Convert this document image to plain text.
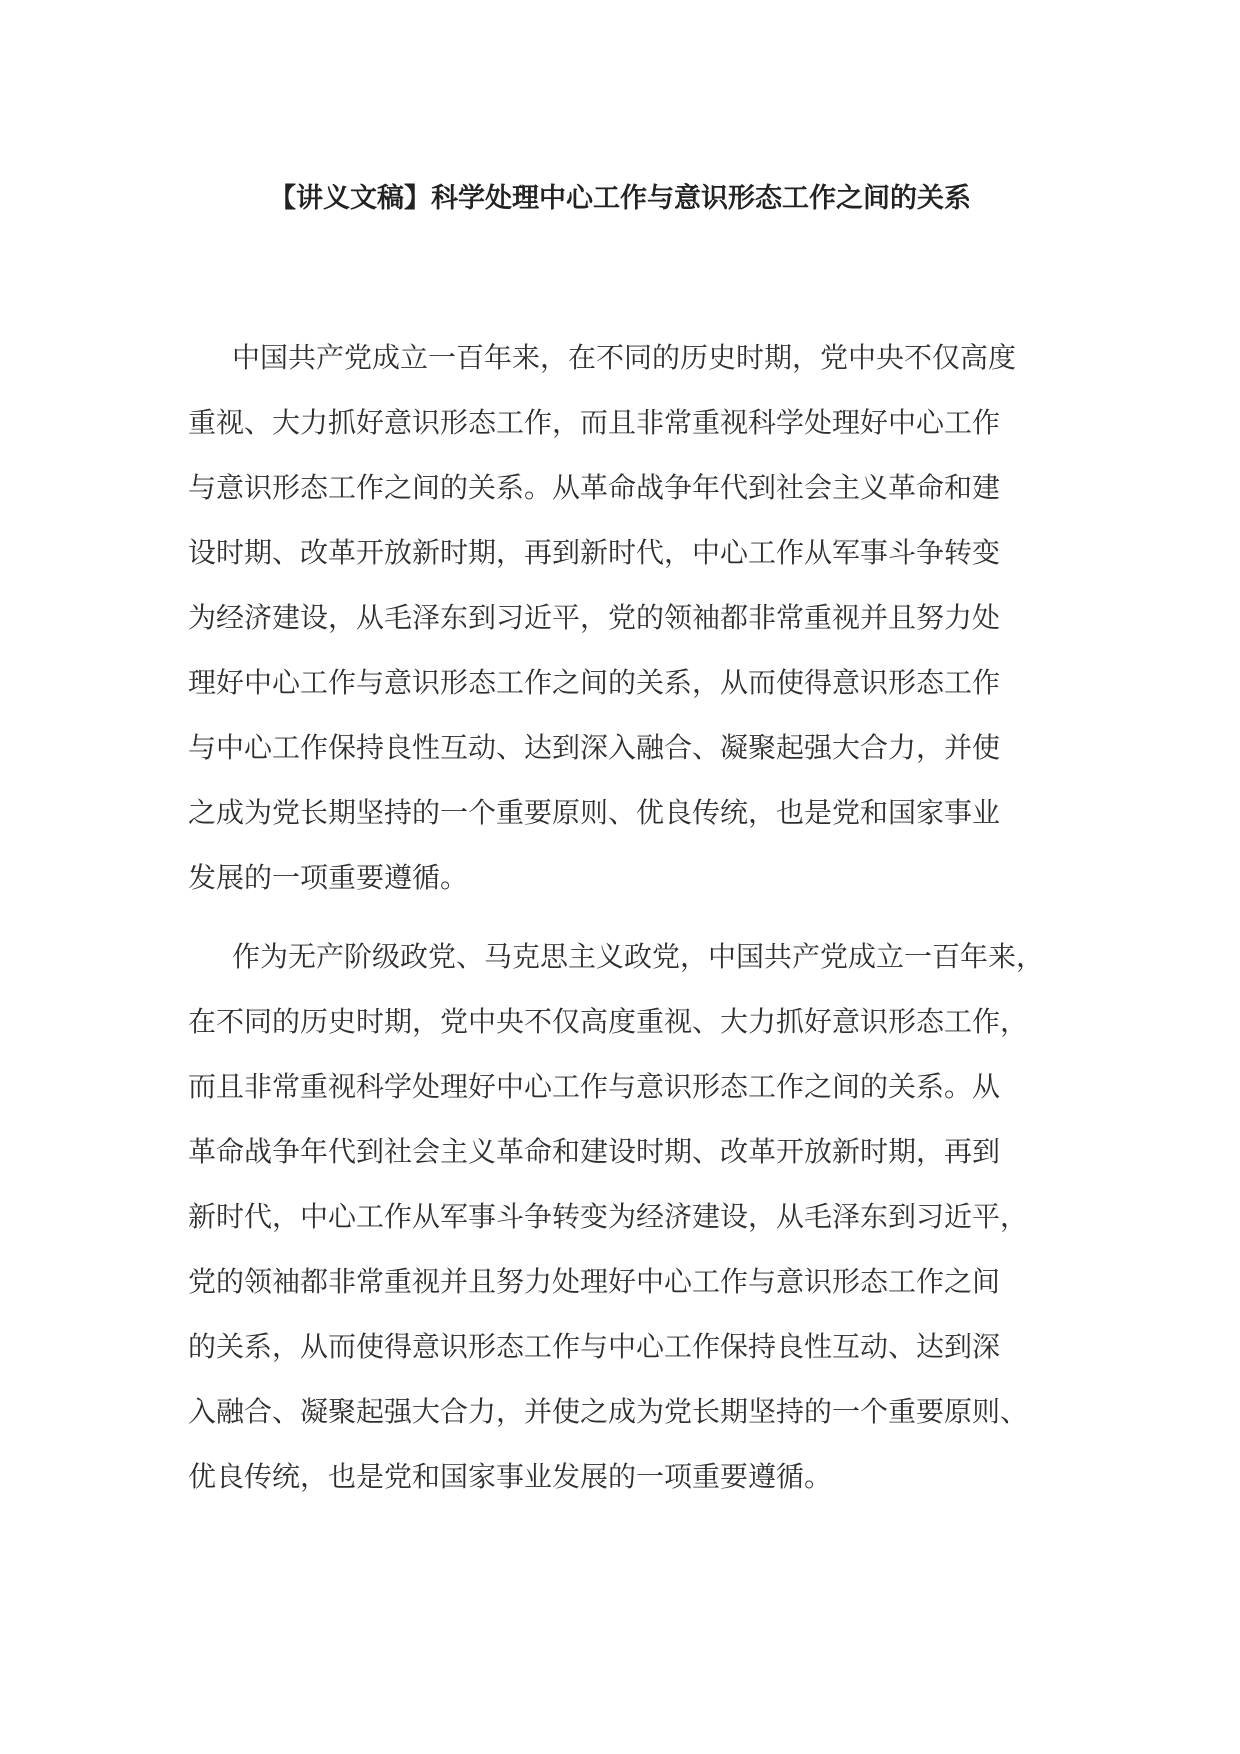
【讲义文稿】科学处理中心工作与意识形态工作之间的关系
中国共产党成立一百年来，在不同的历史时期，党中央不仅高度
重视、大力抓好意识形态工作，而且非常重视科学处理好中心工作
与意识形态工作之间的关系。从革命战争年代到社会主义革命和建
设时期、改革开放新时期，再到新时代，中心工作从军事斗争转变
为经济建设，从毛泽东到习近平，党的领袖都非常重视并且努力处
理好中心工作与意识形态工作之间的关系，从而使得意识形态工作
与中心工作保持良性互动、达到深入融合、凝聚起强大合力，并使
之成为党长期坚持的一个重要原则、优良传统，也是党和国家事业
发展的一项重要遵循。
作为无产阶级政党、马克思主义政党，中国共产党成立一百年来，
在不同的历史时期，党中央不仅高度重视、大力抓好意识形态工作，
而且非常重视科学处理好中心工作与意识形态工作之间的关系。从
革命战争年代到社会主义革命和建设时期、改革开放新时期，再到
新时代，中心工作从军事斗争转变为经济建设，从毛泽东到习近平，
党的领袖都非常重视并且努力处理好中心工作与意识形态工作之间
的关系，从而使得意识形态工作与中心工作保持良性互动、达到深
入融合、凝聚起强大合力，并使之成为党长期坚持的一个重要原则、
优良传统，也是党和国家事业发展的一项重要遵循。
